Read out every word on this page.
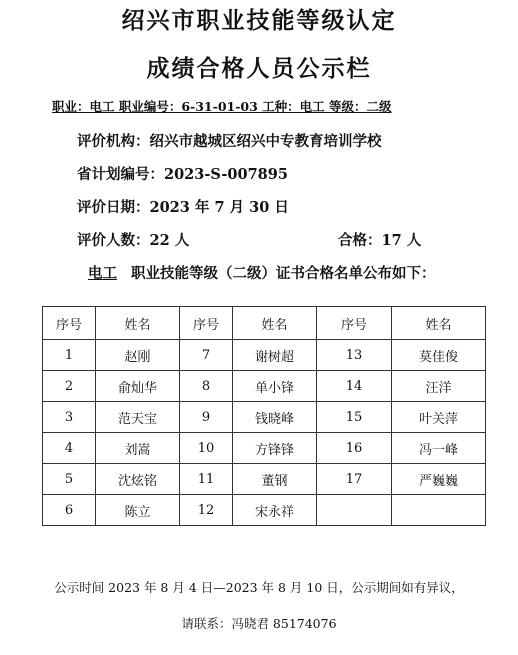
绍兴市职业技能等级认定
成绩合格人员公示栏
职业：电工 职业编号：6-31-01-03 工种：电工 等级：二级
评价机构：绍兴市越城区绍兴中专教育培训学校
省计划编号：2023-S-007895
评价日期：2023 年 7 月 30 日
评价人数：22 人	合格：17 人
电工 职业技能等级（二级）证书合格名单公布如下：
序号	姓名	序号	姓名	序号	姓名
1	赵刚	7	谢树超	13	莫佳俊
2	俞灿华	8	单小锋	14	汪洋
3	范天宝	9	钱晓峰	15	叶关萍
4	刘嵩	10	方锋锋	16	冯一峰
5	沈炫铭	11	董钢	17	严巍巍
6	陈立	12	宋永祥		
公示时间 2023 年 8 月 4 日—2023 年 8 月 10 日，公示期间如有异议，
请联系：冯晓君 85174076
